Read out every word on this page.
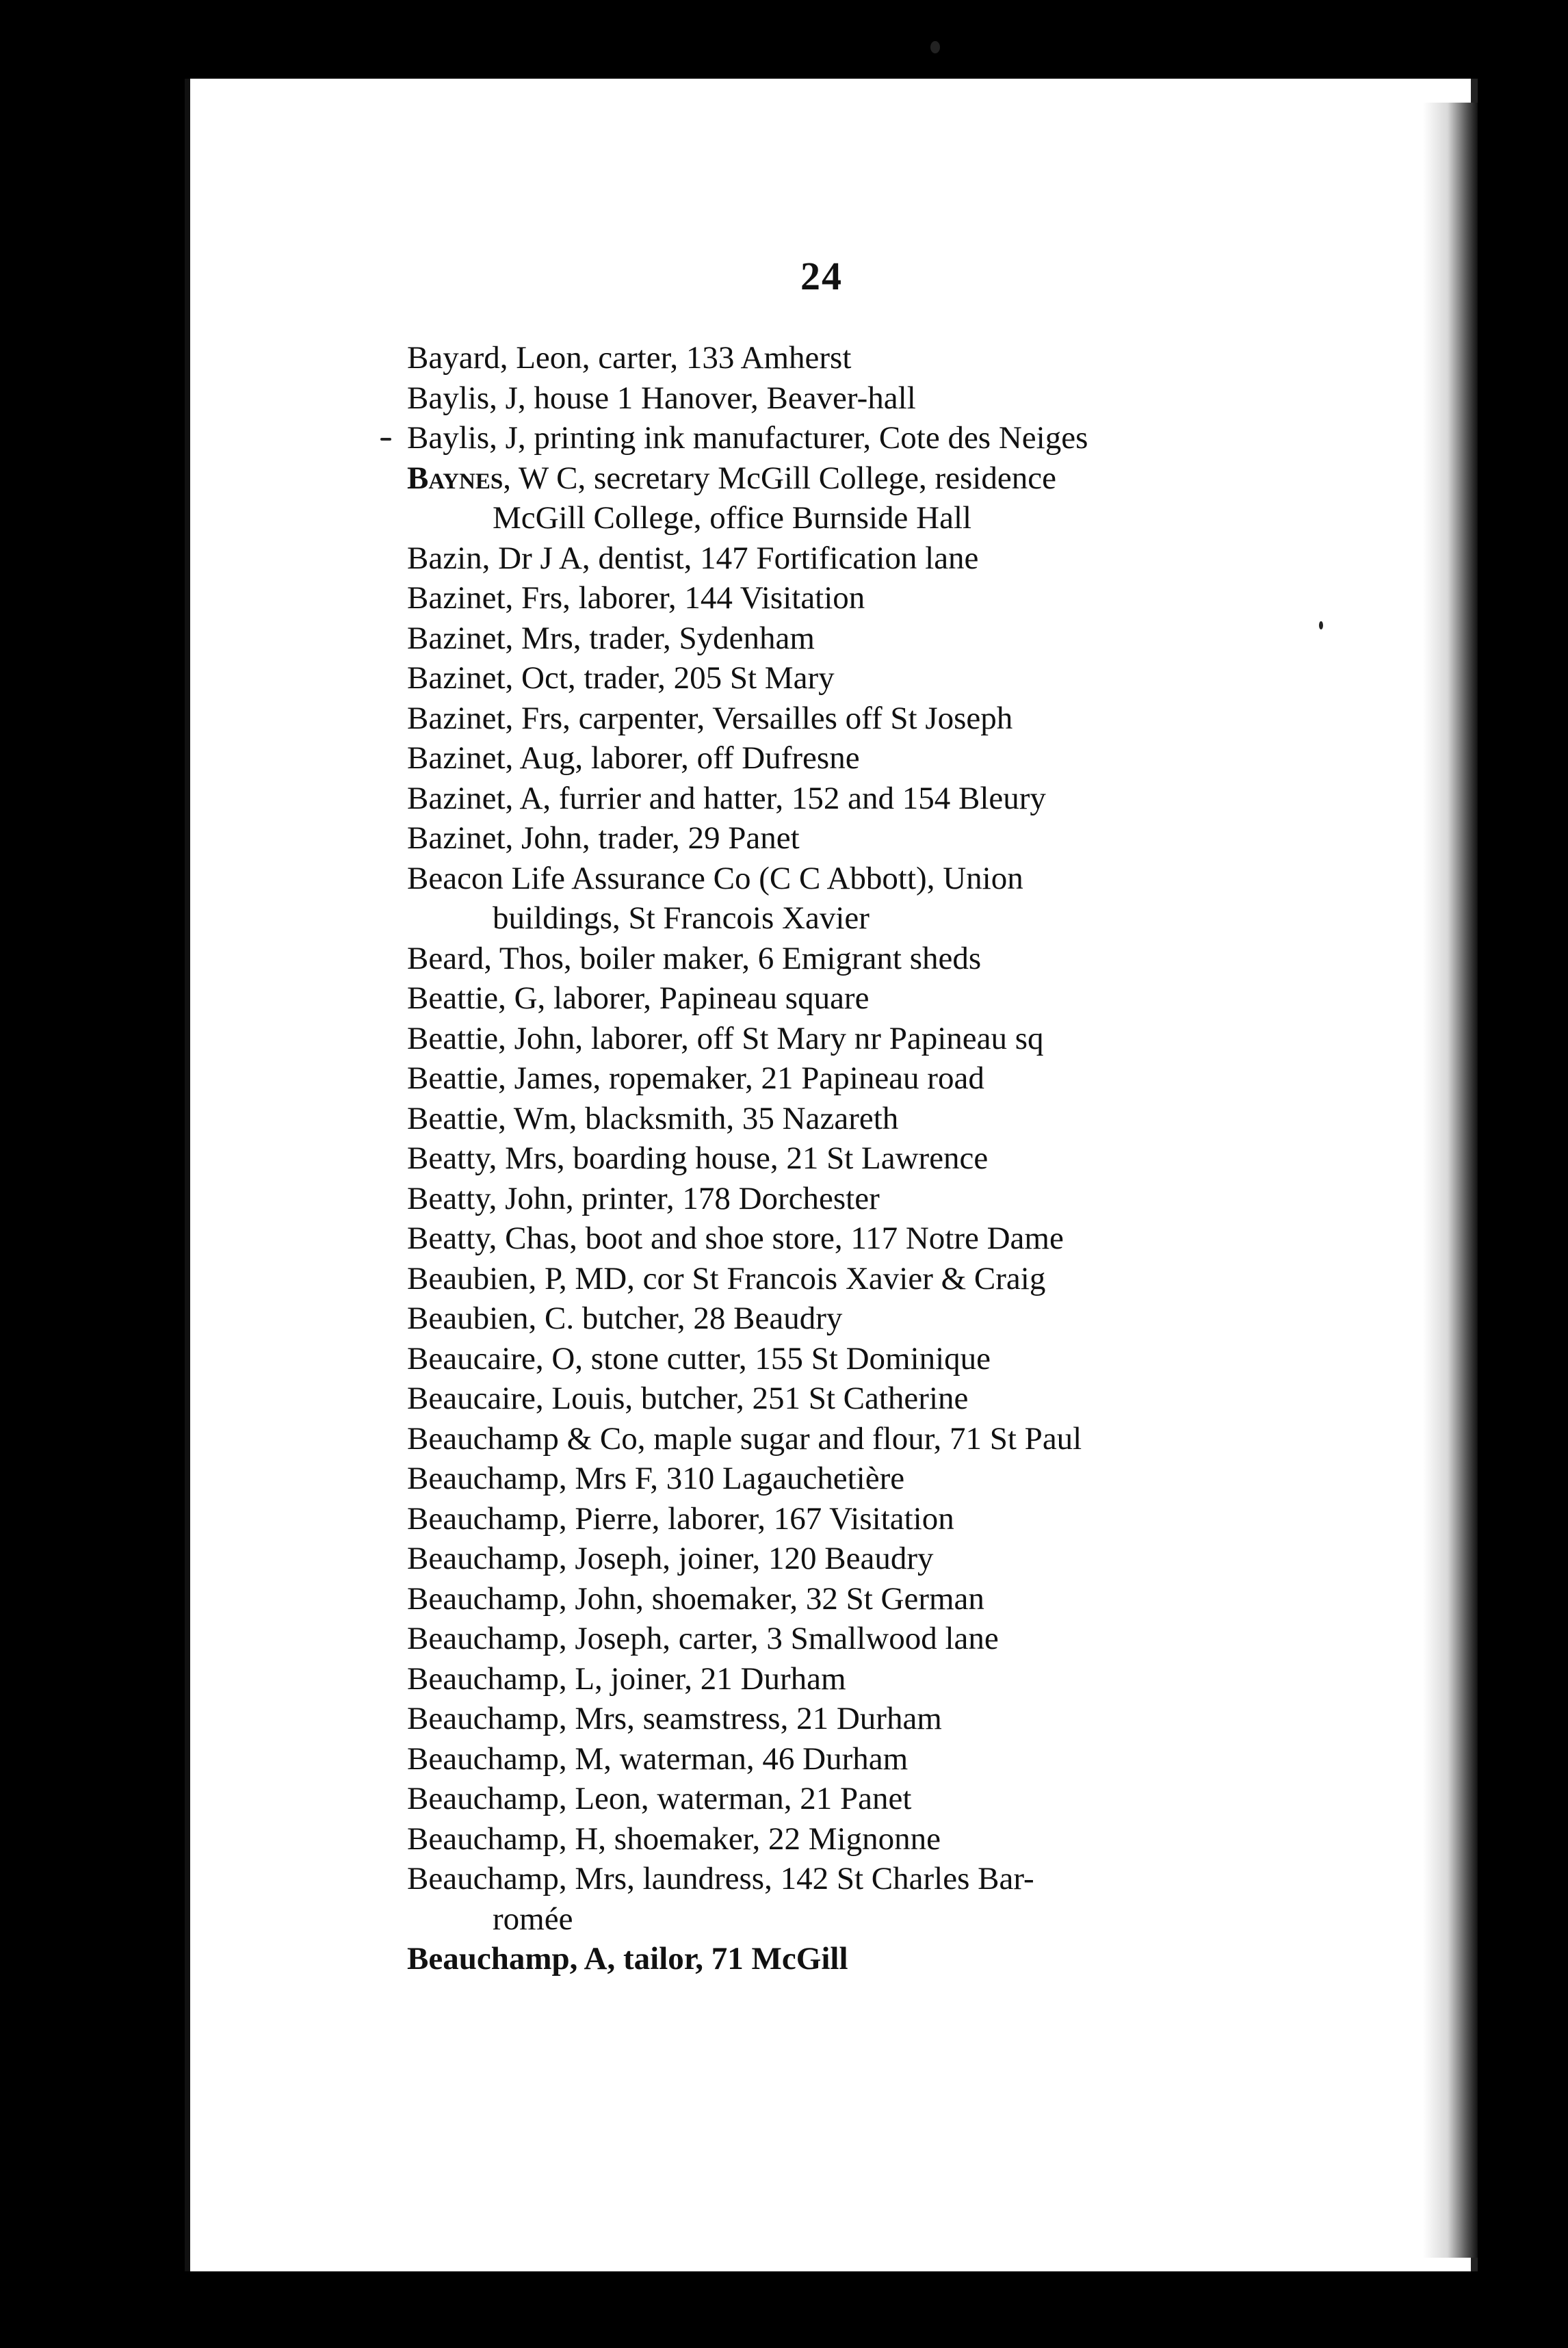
24
Bayard, Leon, carter, 133 Amherst
Baylis, J, house 1 Hanover, Beaver-hall
Baylis, J, printing ink manufacturer, Cote des Neiges
Baynes, W C, secretary McGill College, residence
McGill College, office Burnside Hall
Bazin, Dr J A, dentist, 147 Fortification lane
Bazinet, Frs, laborer, 144 Visitation
Bazinet, Mrs, trader, Sydenham
Bazinet, Oct, trader, 205 St Mary
Bazinet, Frs, carpenter, Versailles off St Joseph
Bazinet, Aug, laborer, off Dufresne
Bazinet, A, furrier and hatter, 152 and 154 Bleury
Bazinet, John, trader, 29 Panet
Beacon Life Assurance Co (C C Abbott), Union
buildings, St Francois Xavier
Beard, Thos, boiler maker, 6 Emigrant sheds
Beattie, G, laborer, Papineau square
Beattie, John, laborer, off St Mary nr Papineau sq
Beattie, James, ropemaker, 21 Papineau road
Beattie, Wm, blacksmith, 35 Nazareth
Beatty, Mrs, boarding house, 21 St Lawrence
Beatty, John, printer, 178 Dorchester
Beatty, Chas, boot and shoe store, 117 Notre Dame
Beaubien, P, MD, cor St Francois Xavier & Craig
Beaubien, C. butcher, 28 Beaudry
Beaucaire, O, stone cutter, 155 St Dominique
Beaucaire, Louis, butcher, 251 St Catherine
Beauchamp & Co, maple sugar and flour, 71 St Paul
Beauchamp, Mrs F, 310 Lagauchetière
Beauchamp, Pierre, laborer, 167 Visitation
Beauchamp, Joseph, joiner, 120 Beaudry
Beauchamp, John, shoemaker, 32 St German
Beauchamp, Joseph, carter, 3 Smallwood lane
Beauchamp, L, joiner, 21 Durham
Beauchamp, Mrs, seamstress, 21 Durham
Beauchamp, M, waterman, 46 Durham
Beauchamp, Leon, waterman, 21 Panet
Beauchamp, H, shoemaker, 22 Mignonne
Beauchamp, Mrs, laundress, 142 St Charles Bar-
romée
Beauchamp, A, tailor, 71 McGill
